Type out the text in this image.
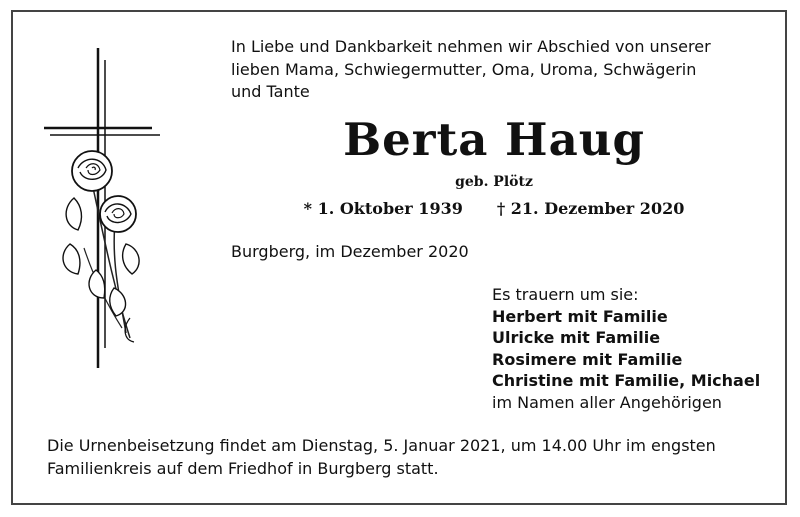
In Liebe und Dankbarkeit nehmen wir Abschied von unserer
lieben Mama, Schwiegermutter, Oma, Uroma, Schwägerin
und Tante

Berta Haug

geb. Plötz

* 1. Oktober 1939 † 21. Dezember 2020

Burgberg, im Dezember 2020

Es trauern um sie:
Herbert mit Familie
Ulricke mit Familie
Rosimere mit Familie
Christine mit Familie, Michael
im Namen aller Angehörigen

Die Urnenbeisetzung findet am Dienstag, 5. Januar 2021, um 14.00 Uhr im engsten
Familienkreis auf dem Friedhof in Burgberg statt.
